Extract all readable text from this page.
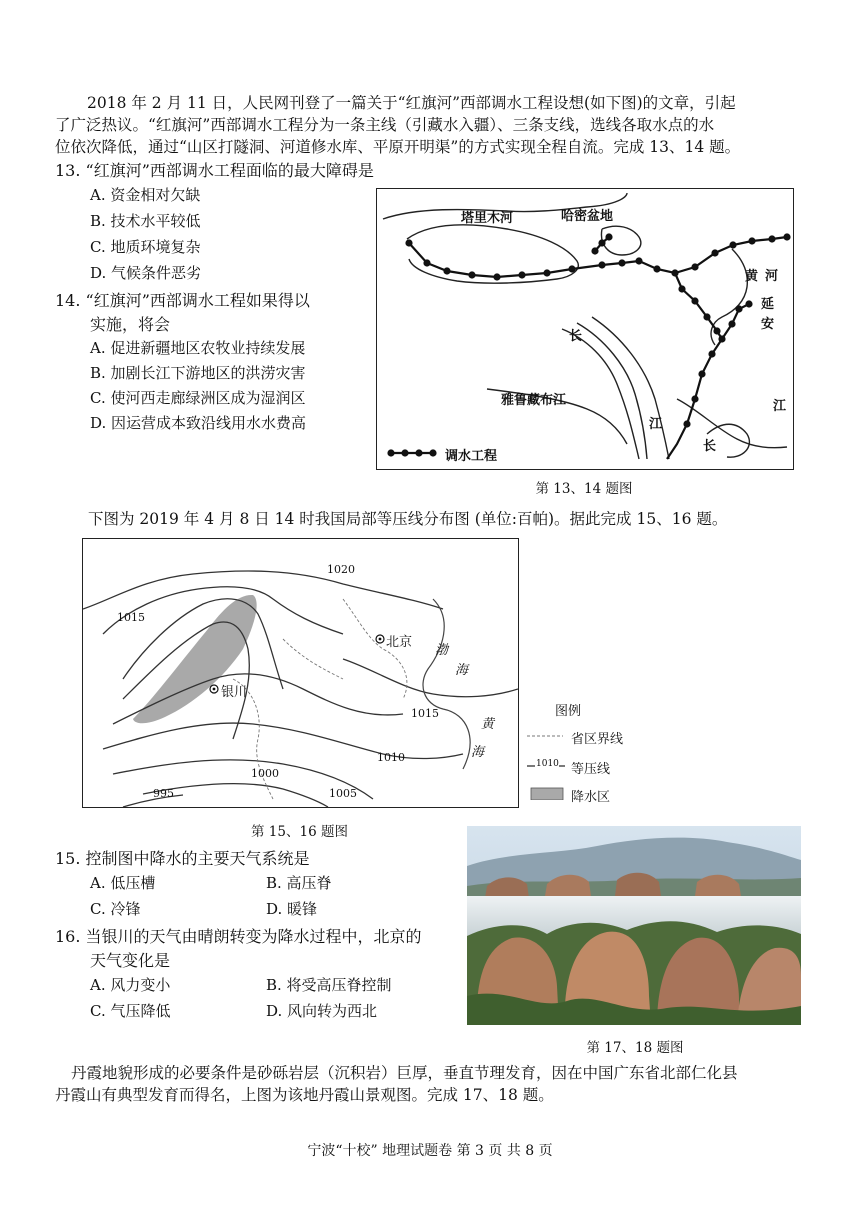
2018 年 2 月 11 日，人民网刊登了一篇关于“红旗河”西部调水工程设想(如下图)的文章，引起
了广泛热议。“红旗河”西部调水工程分为一条主线（引藏水入疆）、三条支线，选线各取水点的水
位依次降低，通过“山区打隧洞、河道修水库、平原开明渠”的方式实现全程自流。完成 13、14 题。
13. “红旗河”西部调水工程面临的最大障碍是
A. 资金相对欠缺
B. 技术水平较低
C. 地质环境复杂
D. 气候条件恶劣
14. “红旗河”西部调水工程如果得以
实施，将会
A. 促进新疆地区农牧业持续发展
B. 加剧长江下游地区的洪涝灾害
C. 使河西走廊绿洲区成为湿润区
D. 因运营成本致沿线用水水费高
塔里木河	哈密盆地
黄 河
延
安
长
雅鲁藏布江
江
江
长
调水工程
第 13、14 题图
下图为 2019 年 4 月 8 日 14 时我国局部等压线分布图 (单位:百帕)。据此完成 15、16 题。
1020
1015
1015
1010
1005
1000
995
北京
银川
渤
海
黄
海
图例
1010
省区界线
等压线
降水区
第 15、16 题图
15. 控制图中降水的主要天气系统是
A. 低压槽	B. 高压脊
C. 冷锋	D. 暖锋
16. 当银川的天气由晴朗转变为降水过程中，北京的
天气变化是
A. 风力变小	B. 将受高压脊控制
C. 气压降低	D. 风向转为西北
第 17、18 题图
丹霞地貌形成的必要条件是砂砾岩层（沉积岩）巨厚，垂直节理发育，因在中国广东省北部仁化县
丹霞山有典型发育而得名，上图为该地丹霞山景观图。完成 17、18 题。
宁波“十校” 地理试题卷 第 3 页 共 8 页
